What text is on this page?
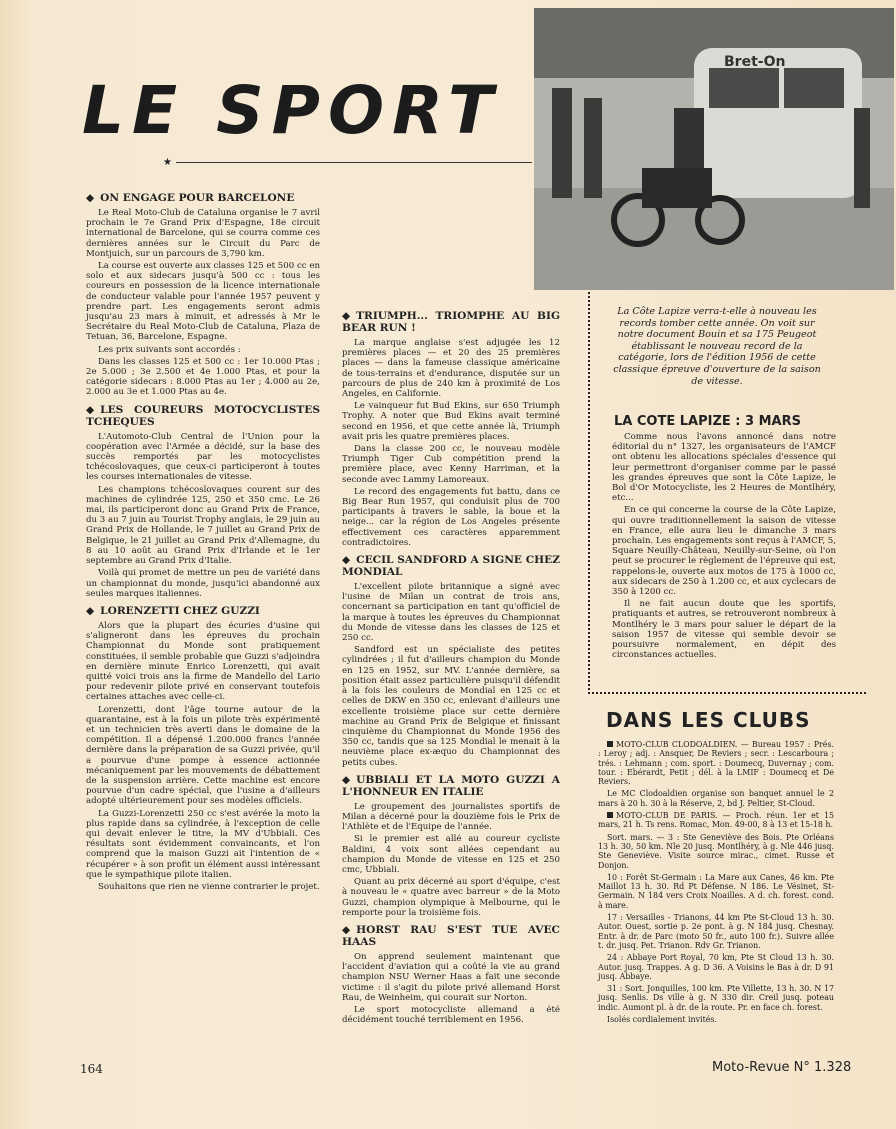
LE SPORT
★
◆ ON ENGAGE POUR BARCELONE

Le Real Moto-Club de Cataluna organise le 7 avril prochain le 7e Grand Prix d'Espagne, 18e circuit international de Barcelone, qui se courra comme ces dernières années sur le Circuit du Parc de Montjuich, sur un parcours de 3,790 km.

La course est ouverte aux classes 125 et 500 cc en solo et aux sidecars jusqu'à 500 cc : tous les coureurs en possession de la licence internationale de conducteur valable pour l'année 1957 peuvent y prendre part. Les engagements seront admis jusqu'au 23 mars à minuit, et adressés à Mr le Secrétaire du Real Moto-Club de Cataluna, Plaza de Tetuan, 36, Barcelone, Espagne.

Les prix suivants sont accordés :

Dans les classes 125 et 500 cc : 1er 10.000 Ptas ; 2e 5.000 ; 3e 2.500 et 4e 1.000 Ptas, et pour la catégorie sidecars : 8.000 Ptas au 1er ; 4.000 au 2e, 2.000 au 3e et 1.000 Ptas au 4e.

◆ LES COUREURS MOTOCYCLISTES TCHEQUES

L'Automoto-Club Central de l'Union pour la coopération avec l'Armée a décidé, sur la base des succès remportés par les motocyclistes tchécoslovaques, que ceux-ci participeront à toutes les courses internationales de vitesse.

Les champions tchécoslovaques courent sur des machines de cylindrée 125, 250 et 350 cmc. Le 26 mai, ils participeront donc au Grand Prix de France, du 3 au 7 juin au Tourist Trophy anglais, le 29 juin au Grand Prix de Hollande, le 7 juillet au Grand Prix de Belgique, le 21 juillet au Grand Prix d'Allemagne, du 8 au 10 août au Grand Prix d'Irlande et le 1er septembre au Grand Prix d'Italie.

Voilà qui promet de mettre un peu de variété dans un championnat du monde, jusqu'ici abandonné aux seules marques italiennes.

◆ LORENZETTI CHEZ GUZZI

Alors que la plupart des écuries d'usine qui s'aligneront dans les épreuves du prochain Championnat du Monde sont pratiquement constituées, il semble probable que Guzzi s'adjoindra en dernière minute Enrico Lorenzetti, qui avait quitté voici trois ans la firme de Mandello del Lario pour redevenir pilote privé en conservant toutefois certaines attaches avec celle-ci.

Lorenzetti, dont l'âge tourne autour de la quarantaine, est à la fois un pilote très expérimenté et un technicien très averti dans le domaine de la compétition. Il a dépensé 1.200.000 francs l'année dernière dans la préparation de sa Guzzi privée, qu'il a pourvue d'une pompe à essence actionnée mécaniquement par les mouvements de débattement de la suspension arrière. Cette machine est encore pourvue d'un cadre spécial, que l'usine a d'ailleurs adopté ultérieurement pour ses modèles officiels.

La Guzzi-Lorenzetti 250 cc s'est avérée la moto la plus rapide dans sa cylindrée, à l'exception de celle qui devait enlever le titre, la MV d'Ubbiali. Ces résultats sont évidemment convaincants, et l'on comprend que la maison Guzzi ait l'intention de « récupérer » à son profit un élément aussi intéressant que le sympathique pilote italien.

Souhaitons que rien ne vienne contrarier le projet.

◆ TRIUMPH... TRIOMPHE AU BIG BEAR RUN !

La marque anglaise s'est adjugée les 12 premières places — et 20 des 25 premières places — dans la fameuse classique américaine de tous-terrains et d'endurance, disputée sur un parcours de plus de 240 km à proximité de Los Angeles, en Californie.

Le vainqueur fut Bud Ekins, sur 650 Triumph Trophy. A noter que Bud Ekins avait terminé second en 1956, et que cette année là, Triumph avait pris les quatre premières places.

Dans la classe 200 cc, le nouveau modèle Triumph Tiger Cub compétition prend la première place, avec Kenny Harriman, et la seconde avec Lammy Lamoreaux.

Le record des engagements fut battu, dans ce Big Bear Run 1957, qui conduisit plus de 700 participants à travers le sable, la boue et la neige... car la région de Los Angeles présente effectivement ces caractères apparemment contradictoires.

◆ CECIL SANDFORD A SIGNE CHEZ MONDIAL

L'excellent pilote britannique a signé avec l'usine de Milan un contrat de trois ans, concernant sa participation en tant qu'officiel de la marque à toutes les épreuves du Championnat du Monde de vitesse dans les classes de 125 et 250 cc.

Sandford est un spécialiste des petites cylindrées ; il fut d'ailleurs champion du Monde en 125 en 1952, sur MV. L'année dernière, sa position était assez particulière puisqu'il défendit à la fois les couleurs de Mondial en 125 cc et celles de DKW en 350 cc, enlevant d'ailleurs une excellente troisième place sur cette dernière machine au Grand Prix de Belgique et finissant cinquième du Championnat du Monde 1956 des 350 cc, tandis que sa 125 Mondial le menait à la neuvième place ex-æquo du Championnat des petits cubes.

◆ UBBIALI ET LA MOTO GUZZI A L'HONNEUR EN ITALIE

Le groupement des journalistes sportifs de Milan a décerné pour la douzième fois le Prix de l'Athlète et de l'Equipe de l'année.

Si le premier est allé au coureur cycliste Baldini, 4 voix sont allées cependant au champion du Monde de vitesse en 125 et 250 cmc, Ubbiali.

Quant au prix décerné au sport d'équipe, c'est à nouveau le « quatre avec barreur » de la Moto Guzzi, champion olympique à Melbourne, qui le remporte pour la troisième fois.

◆ HORST RAU S'EST TUE AVEC HAAS

On apprend seulement maintenant que l'accident d'aviation qui a coûté la vie au grand champion NSU Werner Haas a fait une seconde victime : il s'agit du pilote privé allemand Horst Rau, de Weinheim, qui courait sur Norton.

Le sport motocycliste allemand a été décidément touché terriblement en 1956.

Bret-On
La Côte Lapize verra-t-elle à nouveau les records tomber cette année. On voit sur notre document Bouin et sa 175 Peugeot établissant le nouveau record de la catégorie, lors de l'édition 1956 de cette classique épreuve d'ouverture de la saison de vitesse.
LA COTE LAPIZE : 3 MARS

Comme nous l'avons annoncé dans notre éditorial du n° 1327, les organisateurs de l'AMCF ont obtenu les allocations spéciales d'essence qui leur permettront d'organiser comme par le passé les grandes épreuves que sont la Côte Lapize, le Bol d'Or Motocycliste, les 2 Heures de Montlhéry, etc...

En ce qui concerne la course de la Côte Lapize, qui ouvre traditionnellement la saison de vitesse en France, elle aura lieu le dimanche 3 mars prochain. Les engagements sont reçus à l'AMCF, 5, Square Neuilly-Château, Neuilly-sur-Seine, où l'on peut se procurer le règlement de l'épreuve qui est, rappelons-le, ouverte aux motos de 175 à 1000 cc, aux sidecars de 250 à 1.200 cc, et aux cyclecars de 350 à 1200 cc.

Il ne fait aucun doute que les sportifs, pratiquants et autres, se retrouveront nombreux à Montlhéry le 3 mars pour saluer le départ de la saison 1957 de vitesse qui semble devoir se poursuivre normalement, en dépit des circonstances actuelles.

DANS LES CLUBS

MOTO-CLUB CLODOALDIEN. — Bureau 1957 : Prés. : Leroy ; adj. : Ansquer, De Reviers ; secr. : Lescarboura ; trés. : Lehmann ; com. sport. : Doumecq, Duvernay ; com. tour. : Ebérardt, Petit ; dél. à la LMIF : Doumecq et De Reviers.

Le MC Clodoaldien organise son banquet annuel le 2 mars à 20 h. 30 à la Réserve, 2, bd J. Peltier, St-Cloud.

MOTO-CLUB DE PARIS. — Proch. réun. 1er et 15 mars, 21 h. Ts rens. Romac, Mon. 49-00, 8 à 13 et 15-18 h.

Sort. mars. — 3 : Ste Geneviève des Bois. Pte Orléans 13 h. 30, 50 km. Nle 20 jusq. Montlhéry, à g. Nle 446 jusq. Ste Geneviève. Visite source mirac., cimet. Russe et Donjon.

10 : Forêt St-Germain : La Mare aux Canes, 46 km. Pte Maillot 13 h. 30. Rd Pt Défense. N 186. Le Vésinet, St-Germain. N 184 vers Croix Noailles. A d. ch. forest. cond. à mare.

17 : Versailles - Trianons, 44 km Pte St-Cloud 13 h. 30. Autor. Ouest, sortie p. 2e pont. à g. N 184 jusq. Chesnay. Entr. à dr. de Parc (moto 50 fr., auto 100 fr.). Suivre allée t. dr. jusq. Pet. Trianon. Rdv Gr. Trianon.

24 : Abbaye Port Royal, 70 km, Pte St Cloud 13 h. 30. Autor. jusq. Trappes. A g. D 36. A Voisins le Bas à dr. D 91 jusq. Abbaye.

31 : Sort. Jonquilles, 100 km. Pte Villette, 13 h. 30. N 17 jusq. Senlis. Ds ville à g. N 330 dir. Creil jusq. poteau indic. Aumont pl. à dr. de la route. Pr. en face ch. forest.

Isolés cordialement invités.

164	Moto-Revue N° 1.328
